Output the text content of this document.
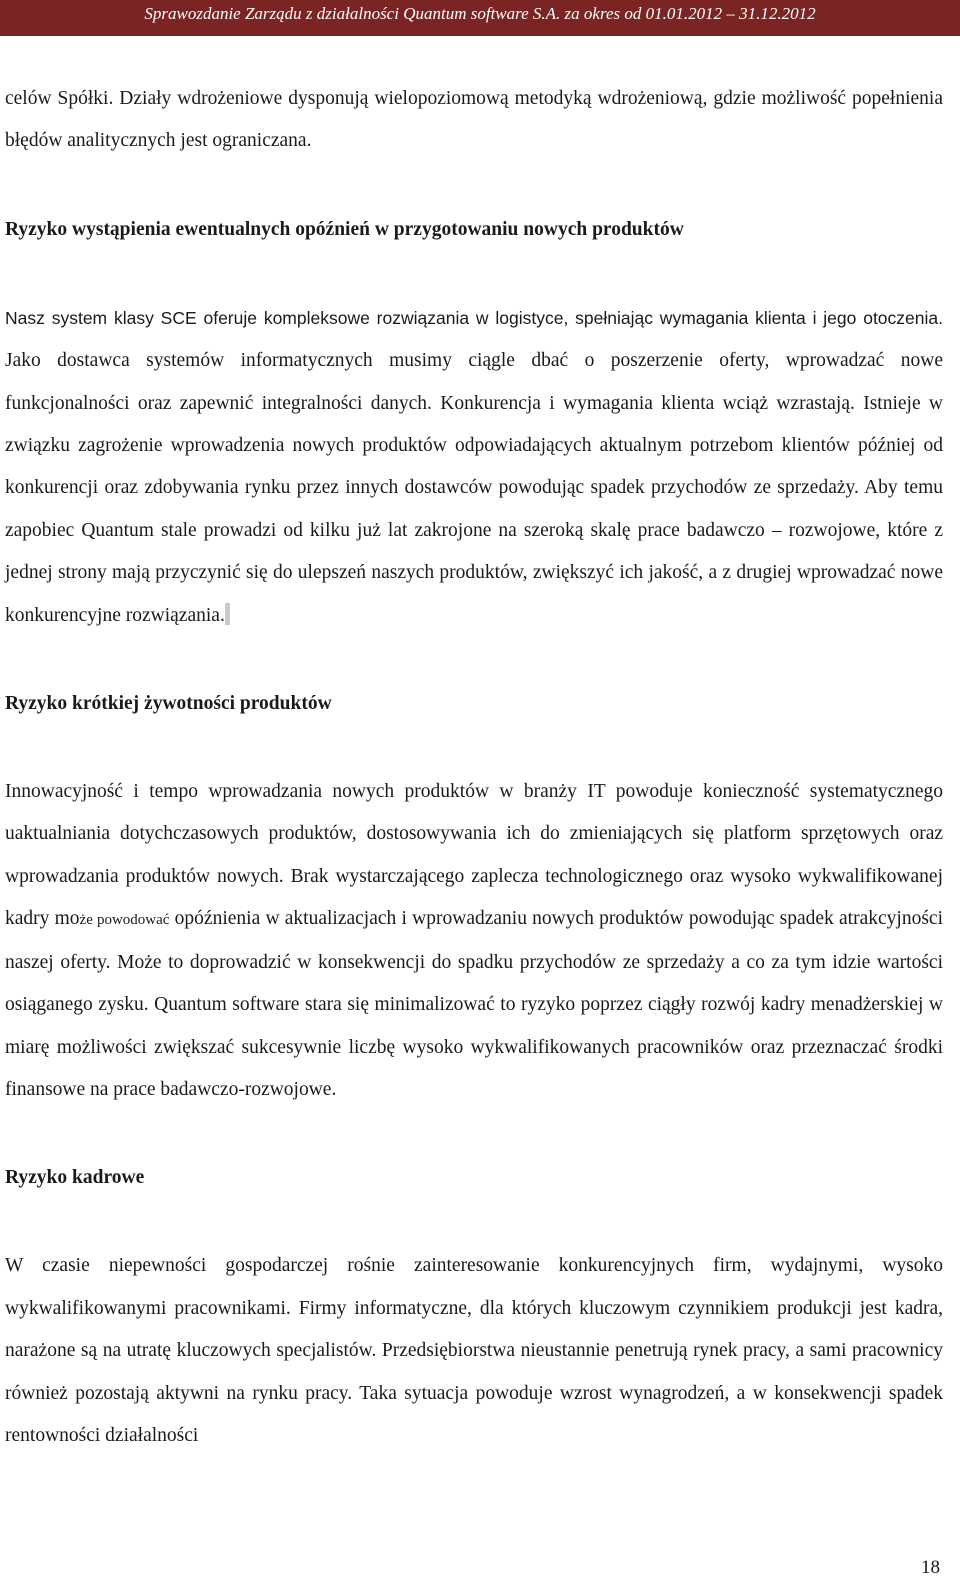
Sprawozdanie Zarządu z działalności Quantum software S.A. za okres od 01.01.2012 – 31.12.2012

celów Spółki. Działy wdrożeniowe dysponują wielopoziomową metodyką wdrożeniową, gdzie możliwość popełnienia błędów analitycznych jest ograniczana.

Ryzyko wystąpienia ewentualnych opóźnień w przygotowaniu nowych produktów

Nasz system klasy SCE oferuje kompleksowe rozwiązania w logistyce, spełniając wymagania klienta i jego otoczenia. Jako dostawca systemów informatycznych musimy ciągle dbać o poszerzenie oferty, wprowadzać nowe funkcjonalności oraz zapewnić integralności danych. Konkurencja i wymagania klienta wciąż wzrastają. Istnieje w związku zagrożenie wprowadzenia nowych produktów odpowiadających aktualnym potrzebom klientów później od konkurencji oraz zdobywania rynku przez innych dostawców powodując spadek przychodów ze sprzedaży. Aby temu zapobiec Quantum stale prowadzi od kilku już lat zakrojone na szeroką skalę prace badawczo – rozwojowe, które z jednej strony mają przyczynić się do ulepszeń naszych produktów, zwiększyć ich jakość, a z drugiej wprowadzać nowe konkurencyjne rozwiązania.

Ryzyko krótkiej żywotności produktów

Innowacyjność i tempo wprowadzania nowych produktów w branży IT powoduje konieczność systematycznego uaktualniania dotychczasowych produktów, dostosowywania ich do zmieniających się platform sprzętowych oraz wprowadzania produktów nowych. Brak wystarczającego zaplecza technologicznego oraz wysoko wykwalifikowanej kadry może powodować opóźnienia w aktualizacjach i wprowadzaniu nowych produktów powodując spadek atrakcyjności naszej oferty. Może to doprowadzić w konsekwencji do spadku przychodów ze sprzedaży a co za tym idzie wartości osiąganego zysku. Quantum software stara się minimalizować to ryzyko poprzez ciągły rozwój kadry menadżerskiej w miarę możliwości zwiększać sukcesywnie liczbę wysoko wykwalifikowanych pracowników oraz przeznaczać środki finansowe na prace badawczo-rozwojowe.

Ryzyko kadrowe

W czasie niepewności gospodarczej rośnie zainteresowanie konkurencyjnych firm, wydajnymi, wysoko wykwalifikowanymi pracownikami. Firmy informatyczne, dla których kluczowym czynnikiem produkcji jest kadra, narażone są na utratę kluczowych specjalistów. Przedsiębiorstwa nieustannie penetrują rynek pracy, a sami pracownicy również pozostają aktywni na rynku pracy. Taka sytuacja powoduje wzrost wynagrodzeń, a w konsekwencji spadek rentowności działalności

18
